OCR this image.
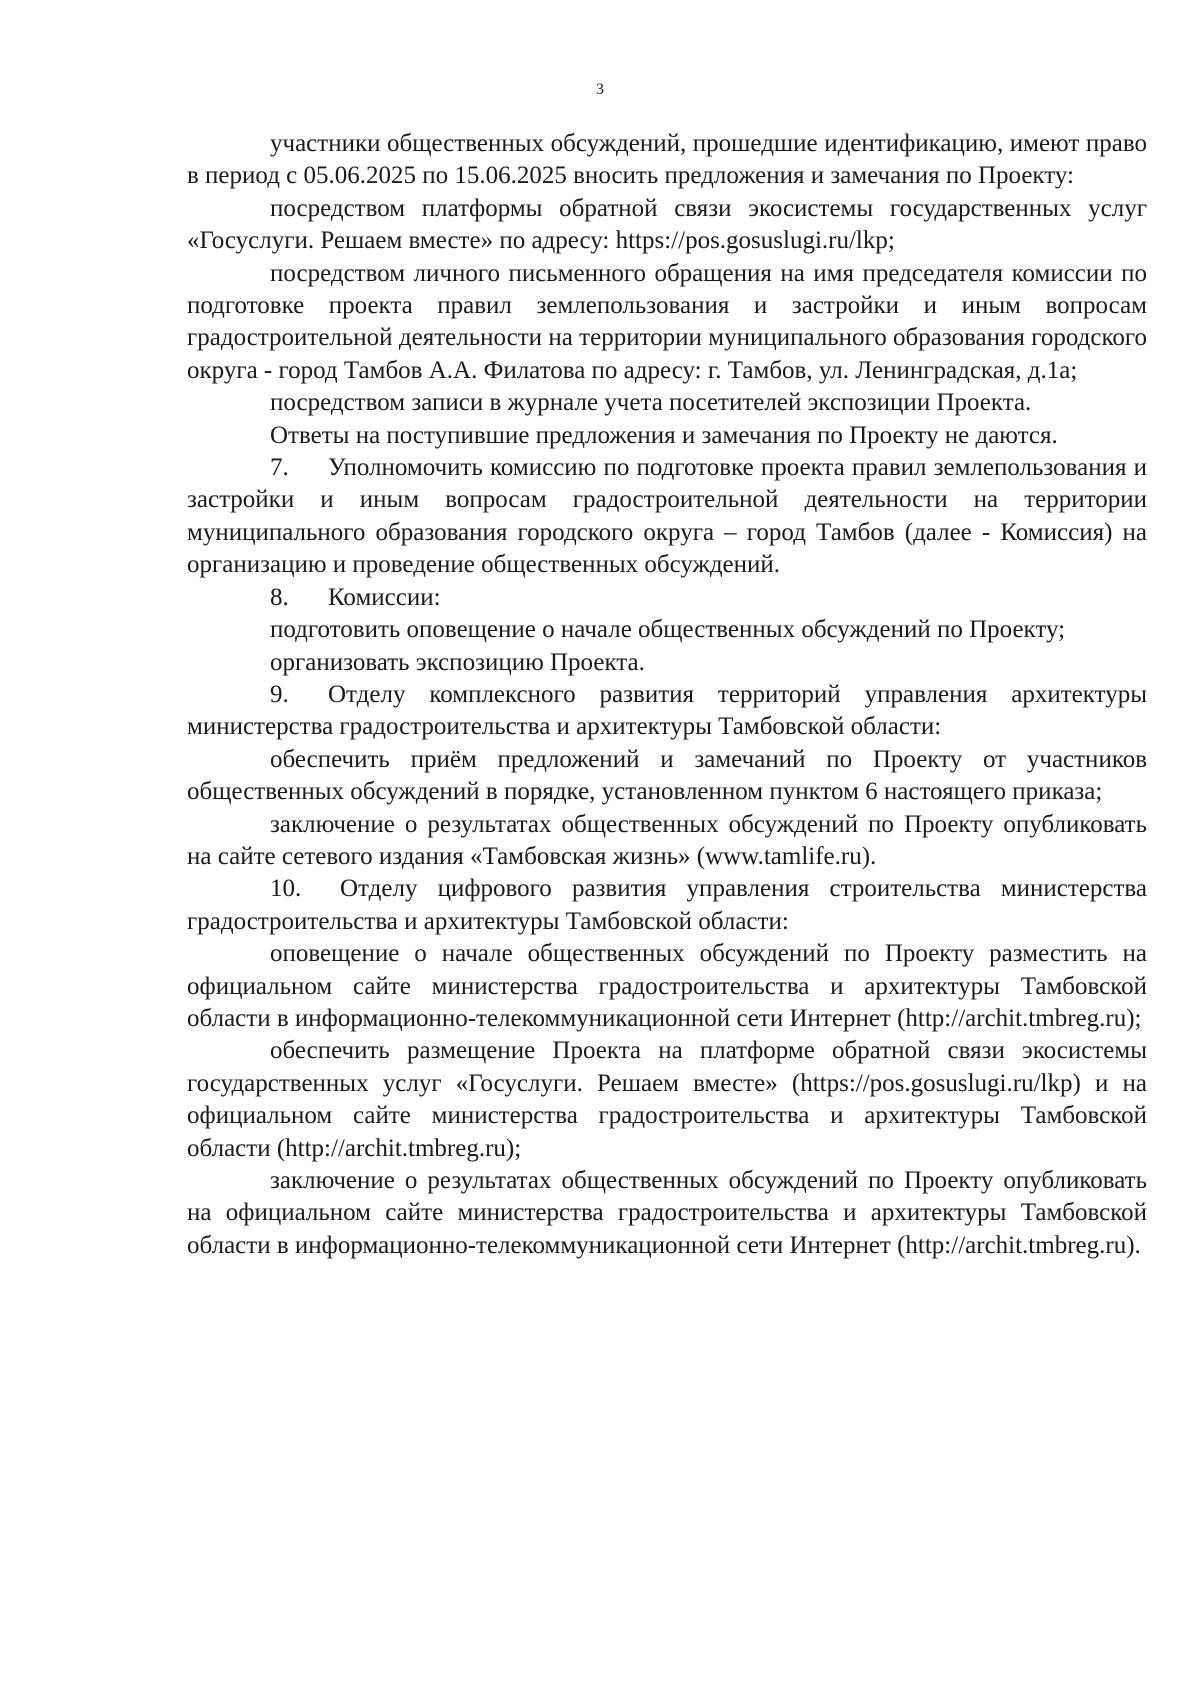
3

участники общественных обсуждений, прошедшие идентификацию, имеют право в период с 05.06.2025 по 15.06.2025 вносить предложения и замечания по Проекту:

посредством платформы обратной связи экосистемы государственных услуг «Госуслуги. Решаем вместе» по адресу: https://pos.gosuslugi.ru/lkp;

посредством личного письменного обращения на имя председателя комиссии по подготовке проекта правил землепользования и застройки и иным вопросам градостроительной деятельности на территории муниципального образования городского округа - город Тамбов А.А. Филатова по адресу: г. Тамбов, ул. Ленинградская, д.1а;

посредством записи в журнале учета посетителей экспозиции Проекта.

Ответы на поступившие предложения и замечания по Проекту не даются.

7. Уполномочить комиссию по подготовке проекта правил землепользования и застройки и иным вопросам градостроительной деятельности на территории муниципального образования городского округа – город Тамбов (далее - Комиссия) на организацию и проведение общественных обсуждений.

8. Комиссии:

подготовить оповещение о начале общественных обсуждений по Проекту;

организовать экспозицию Проекта.

9. Отделу комплексного развития территорий управления архитектуры министерства градостроительства и архитектуры Тамбовской области:

обеспечить приём предложений и замечаний по Проекту от участников общественных обсуждений в порядке, установленном пунктом 6 настоящего приказа;

заключение о результатах общественных обсуждений по Проекту опубликовать на сайте сетевого издания «Тамбовская жизнь» (www.tamlife.ru).

10. Отделу цифрового развития управления строительства министерства градостроительства и архитектуры Тамбовской области:

оповещение о начале общественных обсуждений по Проекту разместить на официальном сайте министерства градостроительства и архитектуры Тамбовской области в информационно-телекоммуникационной сети Интернет (http://archit.tmbreg.ru);

обеспечить размещение Проекта на платформе обратной связи экосистемы государственных услуг «Госуслуги. Решаем вместе» (https://pos.gosuslugi.ru/lkp) и на официальном сайте министерства градостроительства и архитектуры Тамбовской области (http://archit.tmbreg.ru);

заключение о результатах общественных обсуждений по Проекту опубликовать на официальном сайте министерства градостроительства и архитектуры Тамбовской области в информационно-телекоммуникационной сети Интернет (http://archit.tmbreg.ru).
